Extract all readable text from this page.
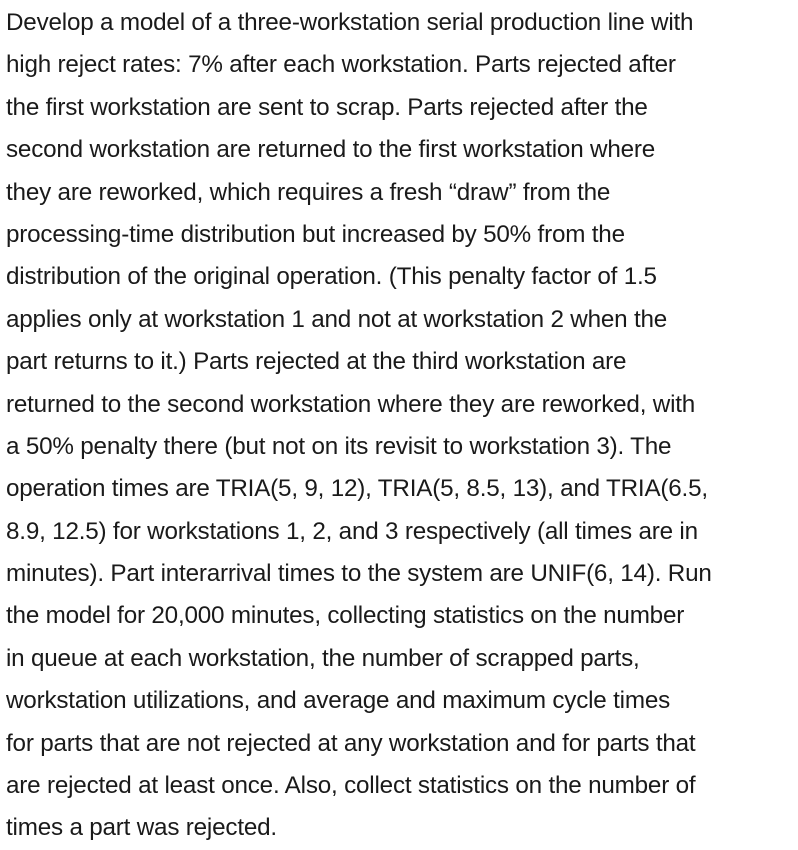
Develop a model of a three-workstation serial production line with
high reject rates: 7% after each workstation. Parts rejected after
the first workstation are sent to scrap. Parts rejected after the
second workstation are returned to the first workstation where
they are reworked, which requires a fresh “draw” from the
processing-time distribution but increased by 50% from the
distribution of the original operation. (This penalty factor of 1.5
applies only at workstation 1 and not at workstation 2 when the
part returns to it.) Parts rejected at the third workstation are
returned to the second workstation where they are reworked, with
a 50% penalty there (but not on its revisit to workstation 3). The
operation times are TRIA(5, 9, 12), TRIA(5, 8.5, 13), and TRIA(6.5,
8.9, 12.5) for workstations 1, 2, and 3 respectively (all times are in
minutes). Part interarrival times to the system are UNIF(6, 14). Run
the model for 20,000 minutes, collecting statistics on the number
in queue at each workstation, the number of scrapped parts,
workstation utilizations, and average and maximum cycle times
for parts that are not rejected at any workstation and for parts that
are rejected at least once. Also, collect statistics on the number of
times a part was rejected.
